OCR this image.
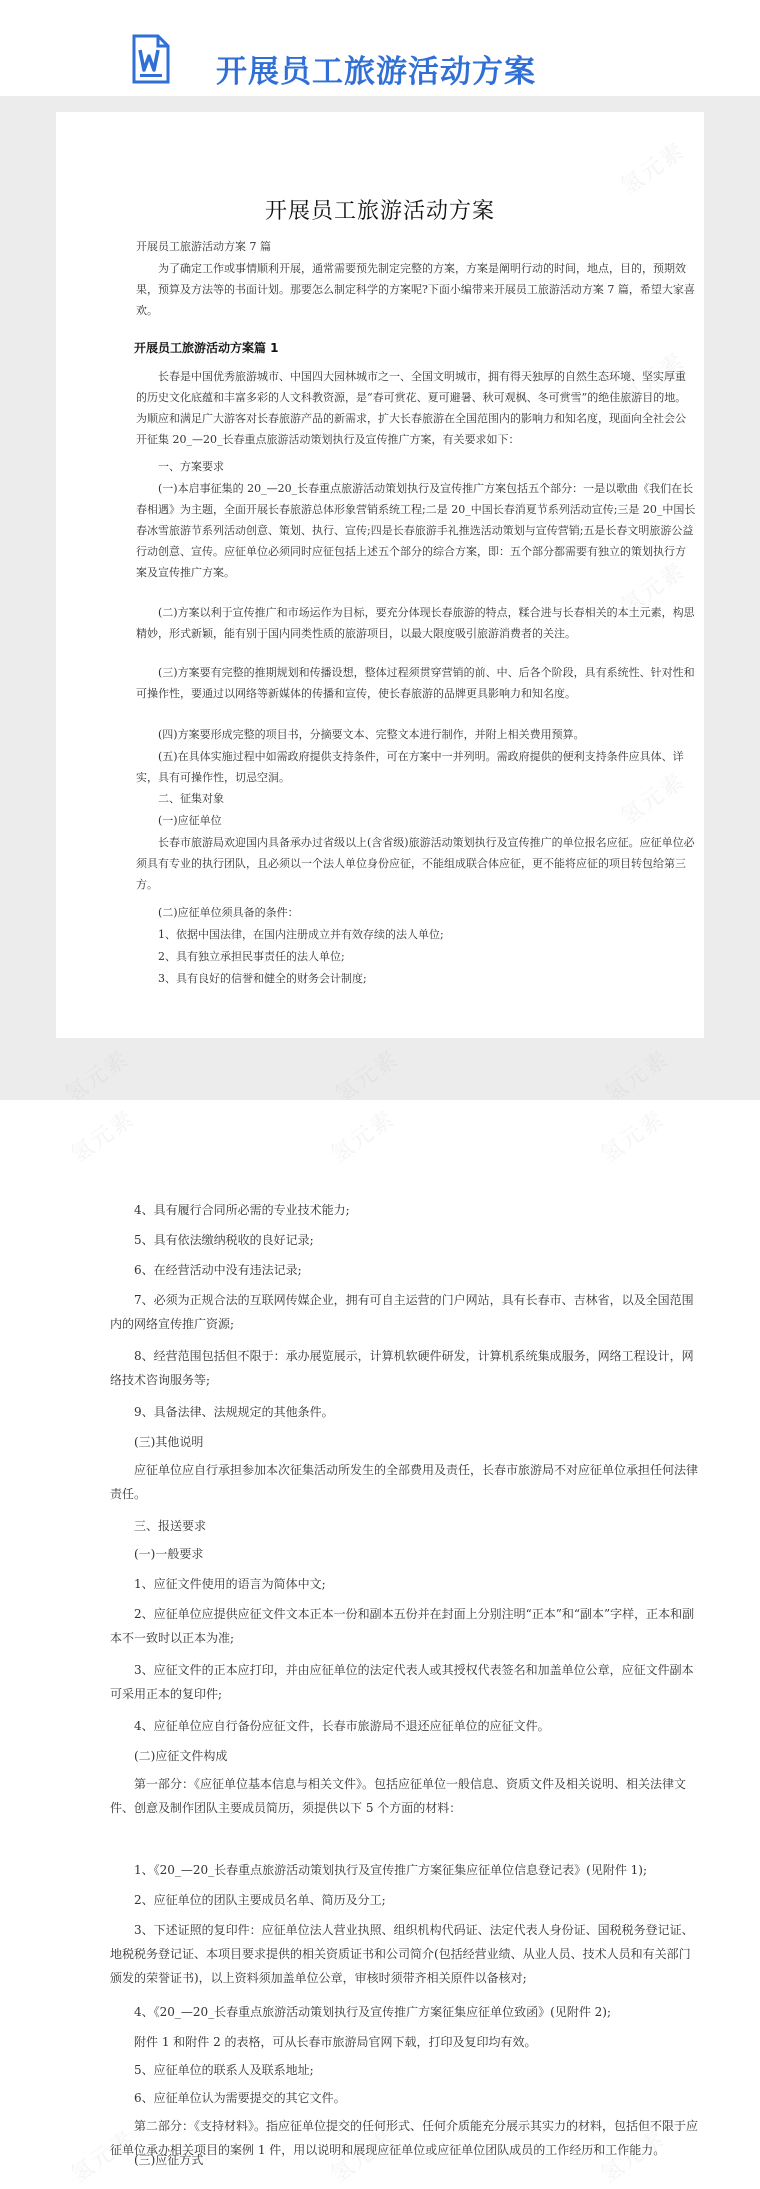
开展员工旅游活动方案
开展员工旅游活动方案

开展员工旅游活动方案 7 篇

为了确定工作或事情顺利开展，通常需要预先制定完整的方案，方案是阐明行动的时间，地点，目的，预期效果，预算及方法等的书面计划。那要怎么制定科学的方案呢?下面小编带来开展员工旅游活动方案 7 篇，希望大家喜欢。

开展员工旅游活动方案篇 1

长春是中国优秀旅游城市、中国四大园林城市之一、全国文明城市，拥有得天独厚的自然生态环境、坚实厚重的历史文化底蕴和丰富多彩的人文科教资源，是“春可赏花、夏可避暑、秋可观枫、冬可赏雪”的绝佳旅游目的地。为顺应和满足广大游客对长春旅游产品的新需求，扩大长春旅游在全国范围内的影响力和知名度，现面向全社会公开征集 20_—20_长春重点旅游活动策划执行及宣传推广方案，有关要求如下：

一、方案要求

(一)本启事征集的 20_—20_长春重点旅游活动策划执行及宣传推广方案包括五个部分：一是以歌曲《我们在长春相遇》为主题，全面开展长春旅游总体形象营销系统工程;二是 20_中国长春消夏节系列活动宣传;三是 20_中国长春冰雪旅游节系列活动创意、策划、执行、宣传;四是长春旅游手礼推选活动策划与宣传营销;五是长春文明旅游公益行动创意、宣传。应征单位必须同时应征包括上述五个部分的综合方案，即：五个部分都需要有独立的策划执行方案及宣传推广方案。

(二)方案以利于宣传推广和市场运作为目标，要充分体现长春旅游的特点，糅合进与长春相关的本土元素，构思精妙，形式新颖，能有别于国内同类性质的旅游项目，以最大限度吸引旅游消费者的关注。

(三)方案要有完整的推期规划和传播设想，整体过程须贯穿营销的前、中、后各个阶段，具有系统性、针对性和可操作性，要通过以网络等新媒体的传播和宣传，使长春旅游的品牌更具影响力和知名度。

(四)方案要形成完整的项目书，分摘要文本、完整文本进行制作，并附上相关费用预算。

(五)在具体实施过程中如需政府提供支持条件，可在方案中一并列明。需政府提供的便利支持条件应具体、详实，具有可操作性，切忌空洞。

二、征集对象

(一)应征单位

长春市旅游局欢迎国内具备承办过省级以上(含省级)旅游活动策划执行及宣传推广的单位报名应征。应征单位必须具有专业的执行团队，且必须以一个法人单位身份应征，不能组成联合体应征，更不能将应征的项目转包给第三方。

(二)应征单位须具备的条件：

1、依据中国法律，在国内注册成立并有效存续的法人单位;

2、具有独立承担民事责任的法人单位;

3、具有良好的信誉和健全的财务会计制度;

氢元素
氢元素
氢元素
氢元素

4、具有履行合同所必需的专业技术能力;

5、具有依法缴纳税收的良好记录;

6、在经营活动中没有违法记录;

7、必须为正规合法的互联网传媒企业，拥有可自主运营的门户网站，具有长春市、吉林省，以及全国范围内的网络宣传推广资源;

8、经营范围包括但不限于：承办展览展示，计算机软硬件研发，计算机系统集成服务，网络工程设计，网络技术咨询服务等;

9、具备法律、法规规定的其他条件。

(三)其他说明

应征单位应自行承担参加本次征集活动所发生的全部费用及责任，长春市旅游局不对应征单位承担任何法律责任。

三、报送要求

(一)一般要求

1、应征文件使用的语言为简体中文;

2、应征单位应提供应征文件文本正本一份和副本五份并在封面上分别注明“正本”和“副本”字样，正本和副本不一致时以正本为准;

3、应征文件的正本应打印，并由应征单位的法定代表人或其授权代表签名和加盖单位公章，应征文件副本可采用正本的复印件;

4、应征单位应自行备份应征文件，长春市旅游局不退还应征单位的应征文件。

(二)应征文件构成

第一部分：《应征单位基本信息与相关文件》。包括应征单位一般信息、资质文件及相关说明、相关法律文件、创意及制作团队主要成员简历，须提供以下 5 个方面的材料：

1、《20_—20_长春重点旅游活动策划执行及宣传推广方案征集应征单位信息登记表》(见附件 1);

2、应征单位的团队主要成员名单、简历及分工;

3、下述证照的复印件：应征单位法人营业执照、组织机构代码证、法定代表人身份证、国税税务登记证、地税税务登记证、本项目要求提供的相关资质证书和公司简介(包括经营业绩、从业人员、技术人员和有关部门颁发的荣誉证书)，以上资料须加盖单位公章，审核时须带齐相关原件以备核对;

4、《20_—20_长春重点旅游活动策划执行及宣传推广方案征集应征单位致函》(见附件 2);

附件 1 和附件 2 的表格，可从长春市旅游局官网下载，打印及复印均有效。

5、应征单位的联系人及联系地址;

6、应征单位认为需要提交的其它文件。

第二部分：《支持材料》。指应征单位提交的任何形式、任何介质能充分展示其实力的材料，包括但不限于应征单位承办相关项目的案例 1 件，用以说明和展现应征单位或应征单位团队成员的工作经历和工作能力。

(三)应征方式

氢元素	氢元素	氢元素
氢元素	氢元素	氢元素
